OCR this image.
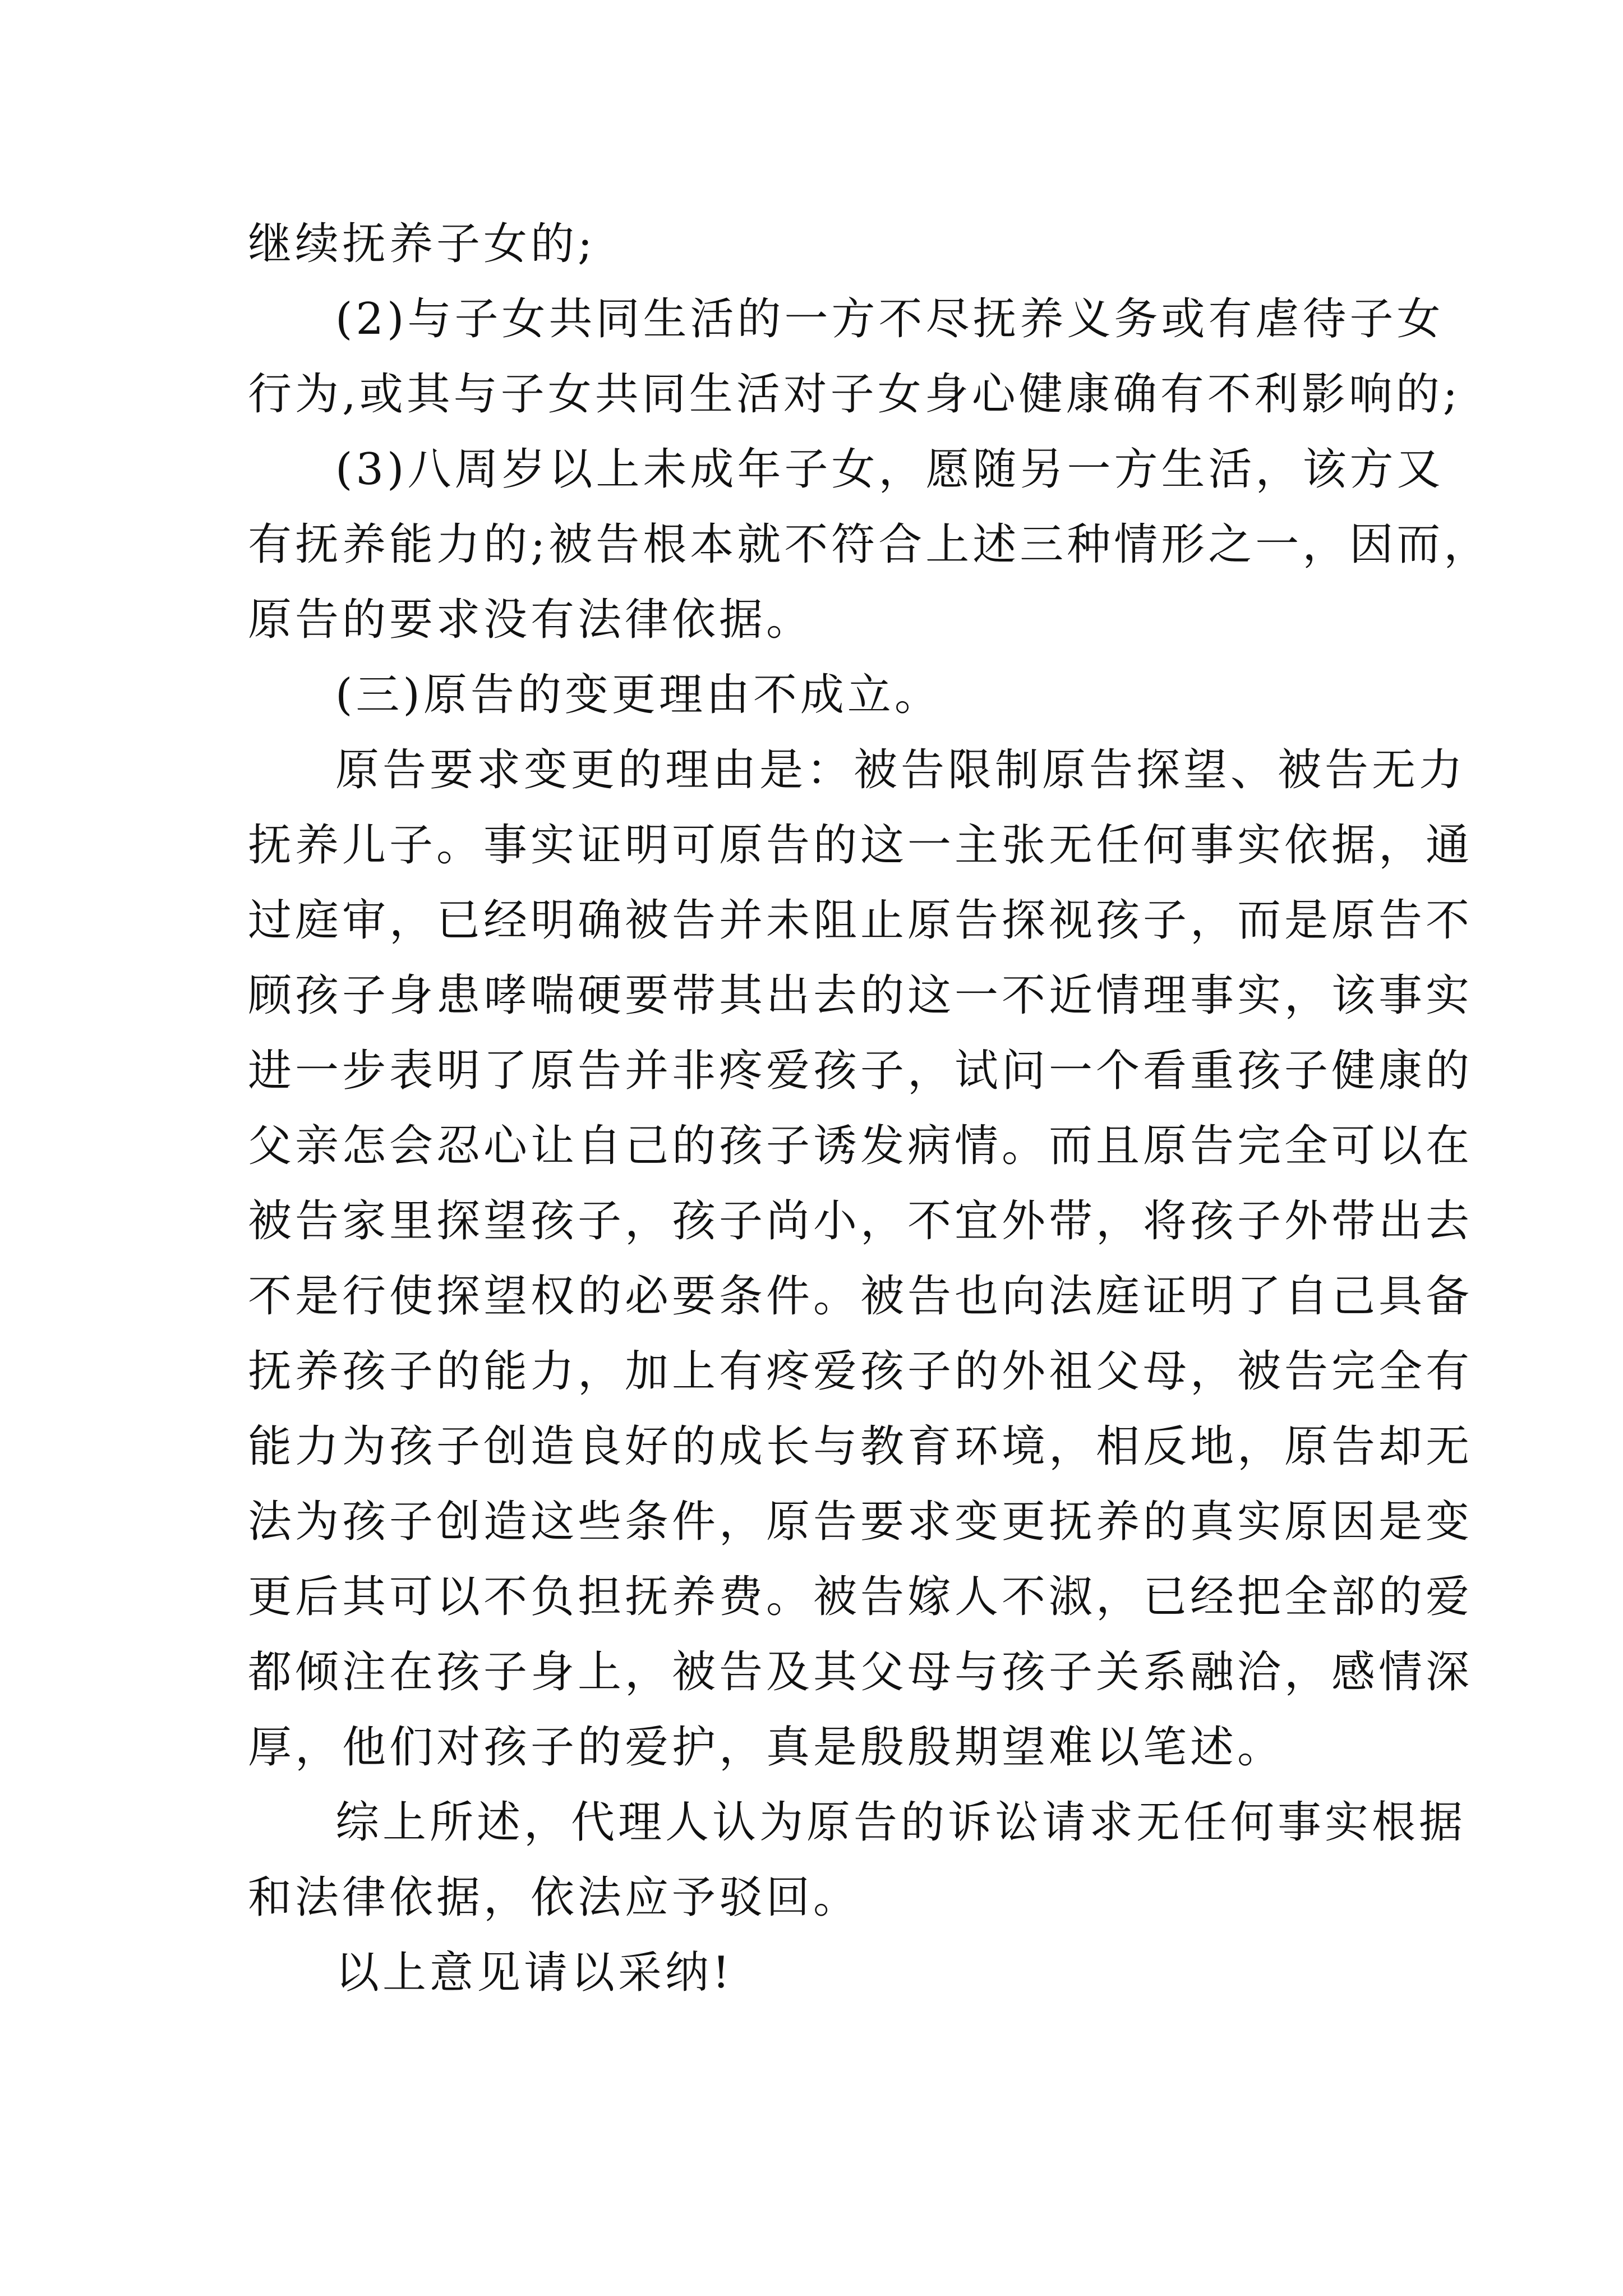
继续抚养子女的;
(2)与子女共同生活的一方不尽抚养义务或有虐待子女
行为,或其与子女共同生活对子女身心健康确有不利影响的;
(3)八周岁以上未成年子女，愿随另一方生活，该方又
有抚养能力的;被告根本就不符合上述三种情形之一，因而，
原告的要求没有法律依据。
(三)原告的变更理由不成立。
原告要求变更的理由是：被告限制原告探望、被告无力
抚养儿子。事实证明可原告的这一主张无任何事实依据，通
过庭审，已经明确被告并未阻止原告探视孩子，而是原告不
顾孩子身患哮喘硬要带其出去的这一不近情理事实，该事实
进一步表明了原告并非疼爱孩子，试问一个看重孩子健康的
父亲怎会忍心让自己的孩子诱发病情。而且原告完全可以在
被告家里探望孩子，孩子尚小，不宜外带，将孩子外带出去
不是行使探望权的必要条件。被告也向法庭证明了自己具备
抚养孩子的能力，加上有疼爱孩子的外祖父母，被告完全有
能力为孩子创造良好的成长与教育环境，相反地，原告却无
法为孩子创造这些条件，原告要求变更抚养的真实原因是变
更后其可以不负担抚养费。被告嫁人不淑，已经把全部的爱
都倾注在孩子身上，被告及其父母与孩子关系融洽，感情深
厚，他们对孩子的爱护，真是殷殷期望难以笔述。
综上所述，代理人认为原告的诉讼请求无任何事实根据
和法律依据，依法应予驳回。
以上意见请以采纳!
